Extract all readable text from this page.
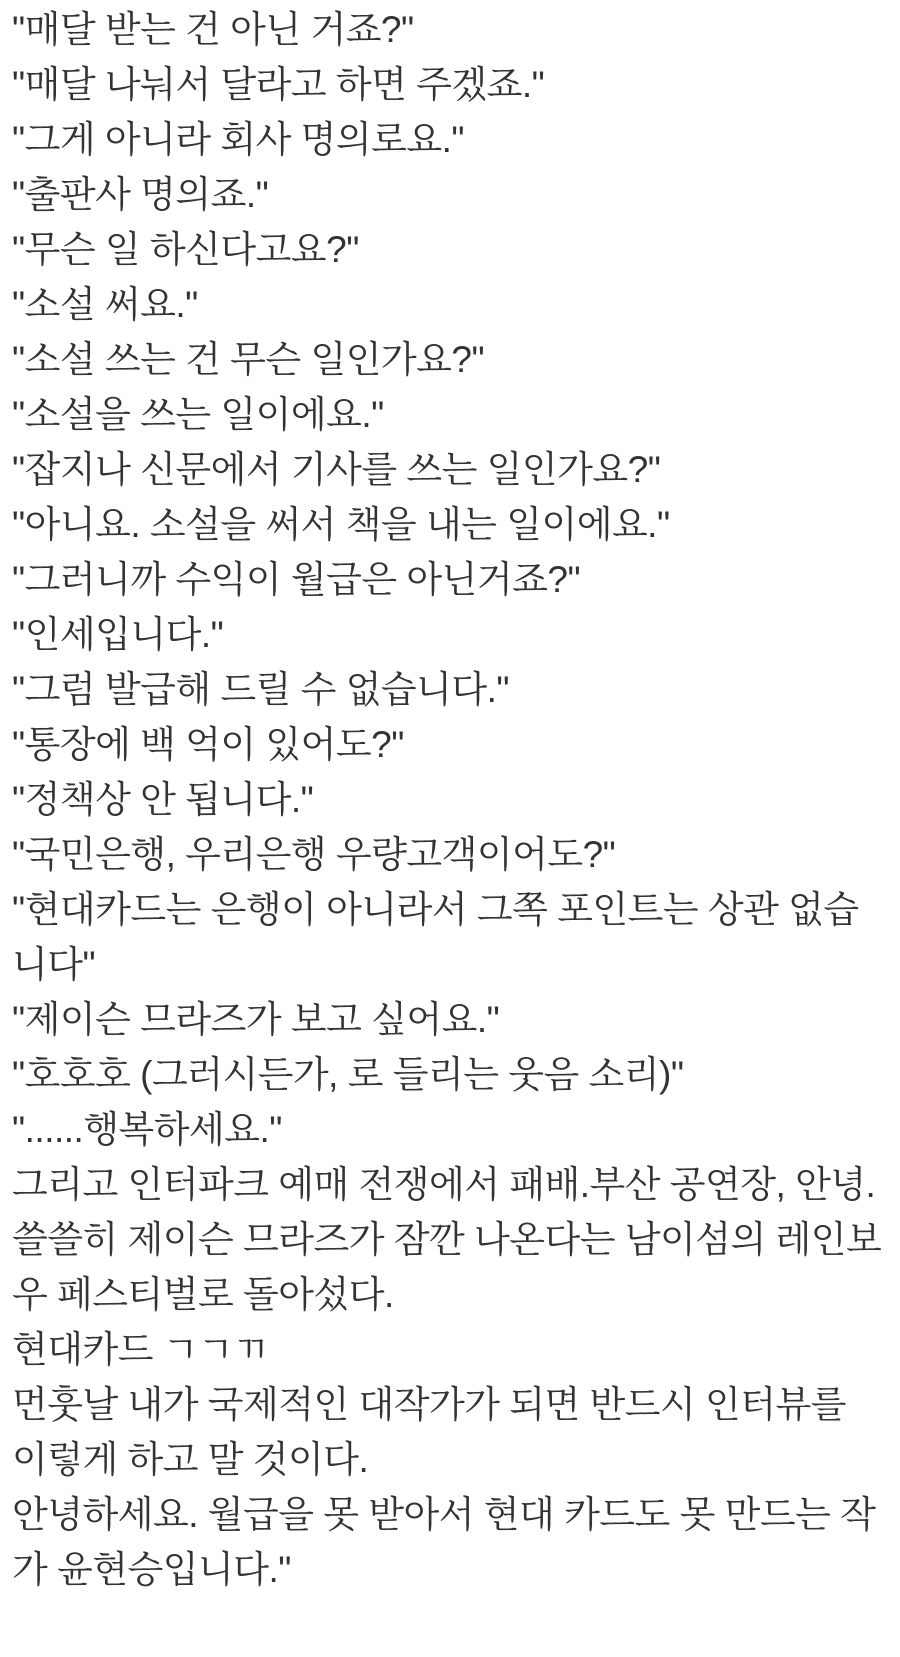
"매달 받는 건 아닌 거죠?"

"매달 나눠서 달라고 하면 주겠죠."

"그게 아니라 회사 명의로요."

"출판사 명의죠."

"무슨 일 하신다고요?"

"소설 써요."

"소설 쓰는 건 무슨 일인가요?"

"소설을 쓰는 일이에요."

"잡지나 신문에서 기사를 쓰는 일인가요?"

"아니요. 소설을 써서 책을 내는 일이에요."

"그러니까 수익이 월급은 아닌거죠?"

"인세입니다."

"그럼 발급해 드릴 수 없습니다."

"통장에 백 억이 있어도?"

"정책상 안 됩니다."

"국민은행, 우리은행 우량고객이어도?"

"현대카드는 은행이 아니라서 그쪽 포인트는 상관 없습니다"

"제이슨 므라즈가 보고 싶어요."

"호호호 (그러시든가, 로 들리는 웃음 소리)"

"......행복하세요."

그리고 인터파크 예매 전쟁에서 패배.부산 공연장, 안녕.

쓸쓸히 제이슨 므라즈가 잠깐 나온다는 남이섬의 레인보우 페스티벌로 돌아섰다.

현대카드 ㄱㄱㄲ

먼훗날 내가 국제적인 대작가가 되면 반드시 인터뷰를 이렇게 하고 말 것이다.

안녕하세요. 월급을 못 받아서 현대 카드도 못 만드는 작가 윤현승입니다."
